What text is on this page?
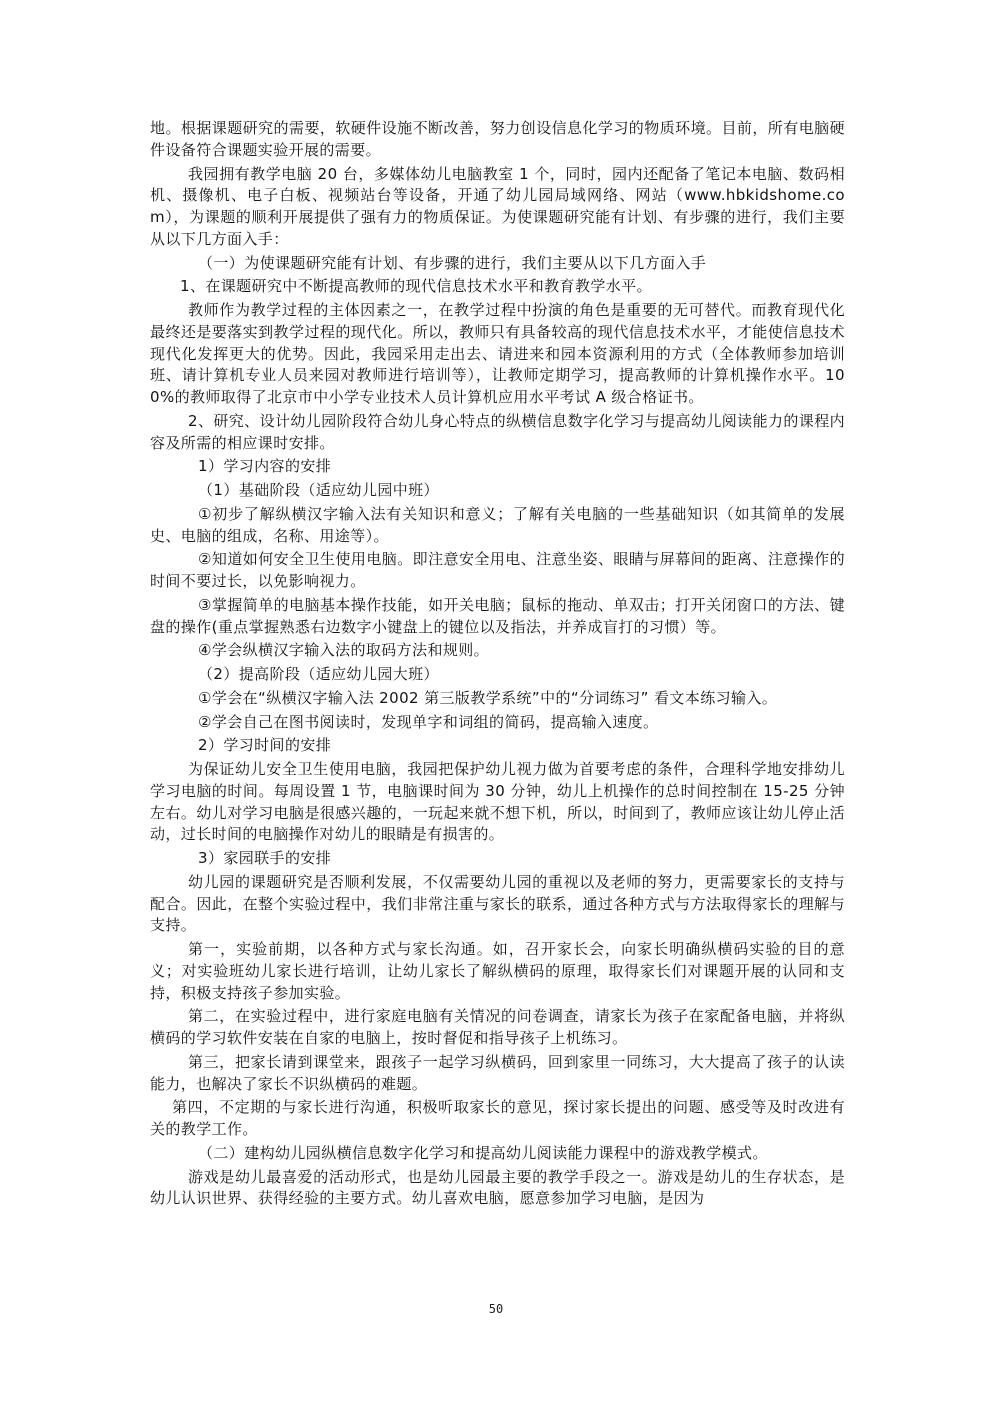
地。根据课题研究的需要，软硬件设施不断改善，努力创设信息化学习的物质环境。目前，所有电脑硬件设备符合课题实验开展的需要。

我园拥有教学电脑 20 台，多媒体幼儿电脑教室 1 个，同时，园内还配备了笔记本电脑、数码相机、摄像机、电子白板、视频站台等设备，开通了幼儿园局域网络、网站（www.hbkidshome.com），为课题的顺利开展提供了强有力的物质保证。为使课题研究能有计划、有步骤的进行，我们主要从以下几方面入手：

（一）为使课题研究能有计划、有步骤的进行，我们主要从以下几方面入手

1、在课题研究中不断提高教师的现代信息技术水平和教育教学水平。

教师作为教学过程的主体因素之一，在教学过程中扮演的角色是重要的无可替代。而教育现代化最终还是要落实到教学过程的现代化。所以，教师只有具备较高的现代信息技术水平，才能使信息技术现代化发挥更大的优势。因此，我园采用走出去、请进来和园本资源利用的方式（全体教师参加培训班、请计算机专业人员来园对教师进行培训等），让教师定期学习，提高教师的计算机操作水平。100%的教师取得了北京市中小学专业技术人员计算机应用水平考试 A 级合格证书。

2、研究、设计幼儿园阶段符合幼儿身心特点的纵横信息数字化学习与提高幼儿阅读能力的课程内容及所需的相应课时安排。

1）学习内容的安排

（1）基础阶段（适应幼儿园中班）

①初步了解纵横汉字输入法有关知识和意义；了解有关电脑的一些基础知识（如其简单的发展史、电脑的组成，名称、用途等）。

②知道如何安全卫生使用电脑。即注意安全用电、注意坐姿、眼睛与屏幕间的距离、注意操作的时间不要过长，以免影响视力。

③掌握简单的电脑基本操作技能，如开关电脑；鼠标的拖动、单双击；打开关闭窗口的方法、键盘的操作(重点掌握熟悉右边数字小键盘上的键位以及指法，并养成盲打的习惯）等。

④学会纵横汉字输入法的取码方法和规则。

（2）提高阶段（适应幼儿园大班）

①学会在“纵横汉字输入法 2002 第三版教学系统”中的“分词练习” 看文本练习输入。

②学会自己在图书阅读时，发现单字和词组的简码，提高输入速度。

2）学习时间的安排

为保证幼儿安全卫生使用电脑，我园把保护幼儿视力做为首要考虑的条件，合理科学地安排幼儿学习电脑的时间。每周设置 1 节，电脑课时间为 30 分钟，幼儿上机操作的总时间控制在 15-25 分钟左右。幼儿对学习电脑是很感兴趣的，一玩起来就不想下机，所以，时间到了，教师应该让幼儿停止活动，过长时间的电脑操作对幼儿的眼睛是有损害的。

3）家园联手的安排

幼儿园的课题研究是否顺利发展，不仅需要幼儿园的重视以及老师的努力，更需要家长的支持与配合。因此，在整个实验过程中，我们非常注重与家长的联系，通过各种方式与方法取得家长的理解与支持。

第一，实验前期，以各种方式与家长沟通。如，召开家长会，向家长明确纵横码实验的目的意义；对实验班幼儿家长进行培训，让幼儿家长了解纵横码的原理，取得家长们对课题开展的认同和支持，积极支持孩子参加实验。

第二，在实验过程中，进行家庭电脑有关情况的问卷调查，请家长为孩子在家配备电脑，并将纵横码的学习软件安装在自家的电脑上，按时督促和指导孩子上机练习。

第三，把家长请到课堂来，跟孩子一起学习纵横码，回到家里一同练习，大大提高了孩子的认读能力，也解决了家长不识纵横码的难题。

第四，不定期的与家长进行沟通，积极听取家长的意见，探讨家长提出的问题、感受等及时改进有关的教学工作。

（二）建构幼儿园纵横信息数字化学习和提高幼儿阅读能力课程中的游戏教学模式。

游戏是幼儿最喜爱的活动形式，也是幼儿园最主要的教学手段之一。游戏是幼儿的生存状态，是幼儿认识世界、获得经验的主要方式。幼儿喜欢电脑，愿意参加学习电脑，是因为

50
